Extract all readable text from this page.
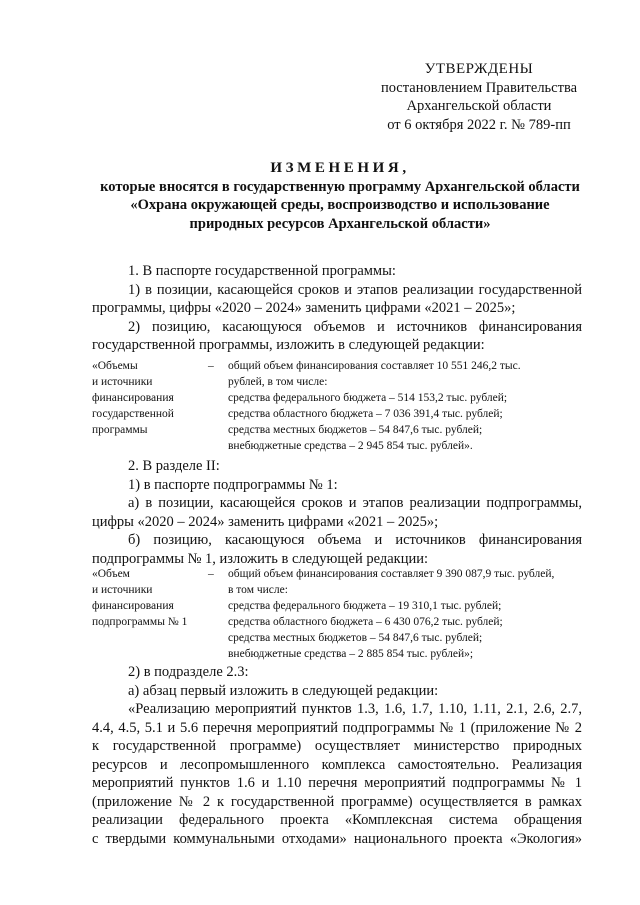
УТВЕРЖДЕНЫ
постановлением Правительства
Архангельской области
от 6 октября 2022 г. № 789-пп
ИЗМЕНЕНИЯ,
которые вносятся в государственную программу Архангельской области
«Охрана окружающей среды, воспроизводство и использование
природных ресурсов Архангельской области»
1. В паспорте государственной программы:
1) в позиции, касающейся сроков и этапов реализации государственной
программы, цифры «2020 – 2024» заменить цифрами «2021 – 2025»;
2) позицию, касающуюся объемов и источников финансирования
государственной программы, изложить в следующей редакции:
«Объемы
и источники
финансирования
государственной
программы
– общий объем финансирования составляет 10 551 246,2 тыс.
рублей, в том числе:
средства федерального бюджета – 514 153,2 тыс. рублей;
средства областного бюджета – 7 036 391,4 тыс. рублей;
средства местных бюджетов – 54 847,6 тыс. рублей;
внебюджетные средства – 2 945 854 тыс. рублей».
2. В разделе II:
1) в паспорте подпрограммы № 1:
а) в позиции, касающейся сроков и этапов реализации подпрограммы,
цифры «2020 – 2024» заменить цифрами «2021 – 2025»;
б) позицию, касающуюся объема и источников финансирования
подпрограммы № 1, изложить в следующей редакции:
«Объем
и источники
финансирования
подпрограммы № 1
– общий объем финансирования составляет 9 390 087,9 тыс. рублей,
в том числе:
средства федерального бюджета – 19 310,1 тыс. рублей;
средства областного бюджета – 6 430 076,2 тыс. рублей;
средства местных бюджетов – 54 847,6 тыс. рублей;
внебюджетные средства – 2 885 854 тыс. рублей»;
2) в подразделе 2.3:
а) абзац первый изложить в следующей редакции:
«Реализацию мероприятий пунктов 1.3, 1.6, 1.7, 1.10, 1.11, 2.1, 2.6, 2.7,
4.4, 4.5, 5.1 и 5.6 перечня мероприятий подпрограммы № 1 (приложение № 2
к государственной программе) осуществляет министерство природных
ресурсов и лесопромышленного комплекса самостоятельно. Реализация
мероприятий пунктов 1.6 и 1.10 перечня мероприятий подпрограммы № 1
(приложение № 2 к государственной программе) осуществляется в рамках
реализации федерального проекта «Комплексная система обращения
с твердыми коммунальными отходами» национального проекта «Экология»
